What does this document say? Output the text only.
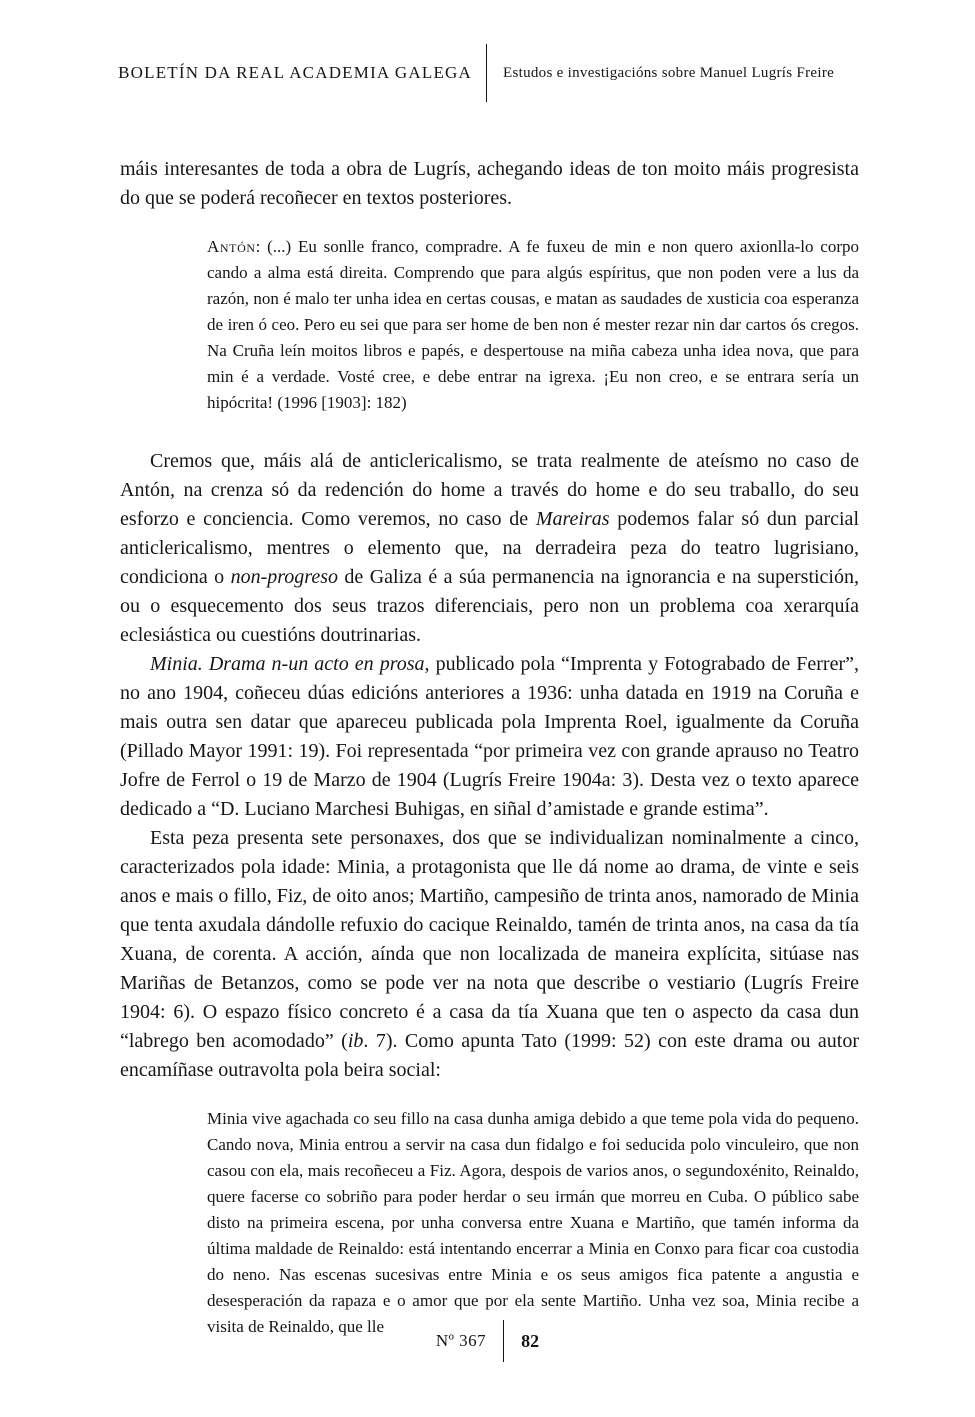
BOLETÍN DA REAL ACADEMIA GALEGA	Estudos e investigacións sobre Manuel Lugrís Freire

máis interesantes de toda a obra de Lugrís, achegando ideas de ton moito máis progresista do que se poderá recoñecer en textos posteriores.

Antón: (...) Eu sonlle franco, compradre. A fe fuxeu de min e non quero axionlla-lo corpo cando a alma está direita. Comprendo que para algús espíritus, que non poden vere a lus da razón, non é malo ter unha idea en certas cousas, e matan as saudades de xusticia coa esperanza de iren ó ceo. Pero eu sei que para ser home de ben non é mester rezar nin dar cartos ós cregos. Na Cruña leín moitos libros e papés, e despertouse na miña cabeza unha idea nova, que para min é a verdade. Vosté cree, e debe entrar na igrexa. ¡Eu non creo, e se entrara sería un hipócrita! (1996 [1903]: 182)

Cremos que, máis alá de anticlericalismo, se trata realmente de ateísmo no caso de Antón, na crenza só da redención do home a través do home e do seu traballo, do seu esforzo e conciencia. Como veremos, no caso de Mareiras podemos falar só dun parcial anticlericalismo, mentres o elemento que, na derradeira peza do teatro lugrisiano, condiciona o non-progreso de Galiza é a súa permanencia na ignorancia e na superstición, ou o esquecemento dos seus trazos diferenciais, pero non un problema coa xerarquía eclesiástica ou cuestións doutrinarias.

Minia. Drama n-un acto en prosa, publicado pola “Imprenta y Fotograbado de Ferrer”, no ano 1904, coñeceu dúas edicións anteriores a 1936: unha datada en 1919 na Coruña e mais outra sen datar que apareceu publicada pola Imprenta Roel, igualmente da Coruña (Pillado Mayor 1991: 19). Foi representada “por primeira vez con grande aprauso no Teatro Jofre de Ferrol o 19 de Marzo de 1904 (Lugrís Freire 1904a: 3). Desta vez o texto aparece dedicado a “D. Luciano Marchesi Buhigas, en siñal d’amistade e grande estima”.

Esta peza presenta sete personaxes, dos que se individualizan nominalmente a cinco, caracterizados pola idade: Minia, a protagonista que lle dá nome ao drama, de vinte e seis anos e mais o fillo, Fiz, de oito anos; Martiño, campesiño de trinta anos, namorado de Minia que tenta axudala dándolle refuxio do cacique Reinaldo, tamén de trinta anos, na casa da tía Xuana, de corenta. A acción, aínda que non localizada de maneira explícita, sitúase nas Mariñas de Betanzos, como se pode ver na nota que describe o vestiario (Lugrís Freire 1904: 6). O espazo físico concreto é a casa da tía Xuana que ten o aspecto da casa dun “labrego ben acomodado” (ib. 7). Como apunta Tato (1999: 52) con este drama ou autor encamíñase outravolta pola beira social:

Minia vive agachada co seu fillo na casa dunha amiga debido a que teme pola vida do pequeno. Cando nova, Minia entrou a servir na casa dun fidalgo e foi seducida polo vinculeiro, que non casou con ela, mais recoñeceu a Fiz. Agora, despois de varios anos, o segundoxénito, Reinaldo, quere facerse co sobriño para poder herdar o seu irmán que morreu en Cuba. O público sabe disto na primeira escena, por unha conversa entre Xuana e Martiño, que tamén informa da última maldade de Reinaldo: está intentando encerrar a Minia en Conxo para ficar coa custodia do neno. Nas escenas sucesivas entre Minia e os seus amigos fica patente a angustia e desesperación da rapaza e o amor que por ela sente Martiño. Unha vez soa, Minia recibe a visita de Reinaldo, que lle
Nº 367	82
